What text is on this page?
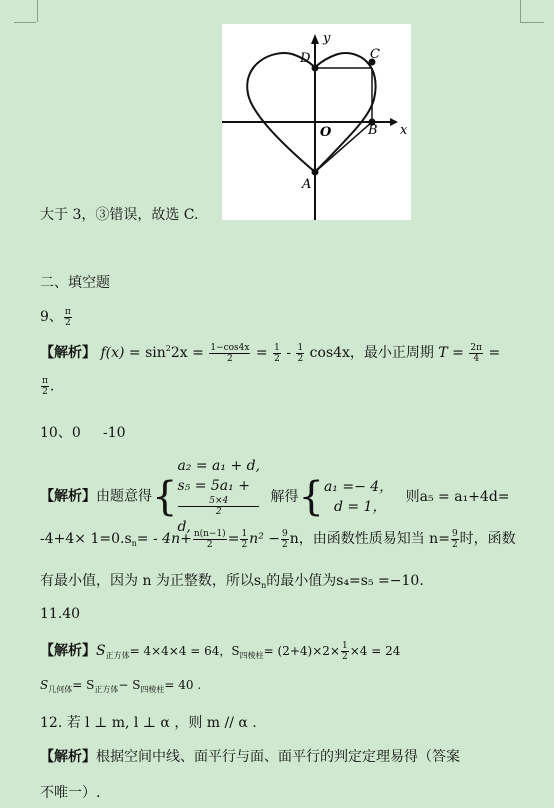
y
x
D	C
O	B
A
大于 3，③错误，故选 C.
二、填空题
9、 $\frac{\pi}{2}$
【解析】 $f(x) = \sin^22x = \frac{1-\cos 4x}{2} = \frac{1}{2} - \frac{1}{2} \cos 4x$，最小正周期 $T = \frac{2\pi}{4}$ =
$\frac{\pi}{2}$ .
10、0     -10
【解析】由题意得{
a₂ = a₁ + d,
s₅ = 5a₁ +
5×4
2
d,
解得{ a₁ =− 4，
d = 1，
则a₅ = a₁+4d=
$-4+4\times 1=0.s_n= - 4n+ \frac{n(n-1)}{2} = \frac{1}{2} n^2 - \frac{9}{2}$ n，由函数性质易知当 $n= \frac{9}{2}$ 时，函数
有最小值，因为 n 为正整数，所以$s_n$的最小值为s₄=s₅ =−10.
11.40
【解析】$S_{正方体}= 4\times 4\times 4 = 64$，$S_{四棱柱}= (2+4)\times 2\times \frac{1}{2} \times 4 = 24$
$S_{几何体}= S_{正方体}- S_{四棱柱}= 40$ .
12. 若 l ⊥ m, l ⊥ α ，则 m // α .
【解析】根据空间中线、面平行与面、面平行的判定定理易得（答案
不唯一）.
